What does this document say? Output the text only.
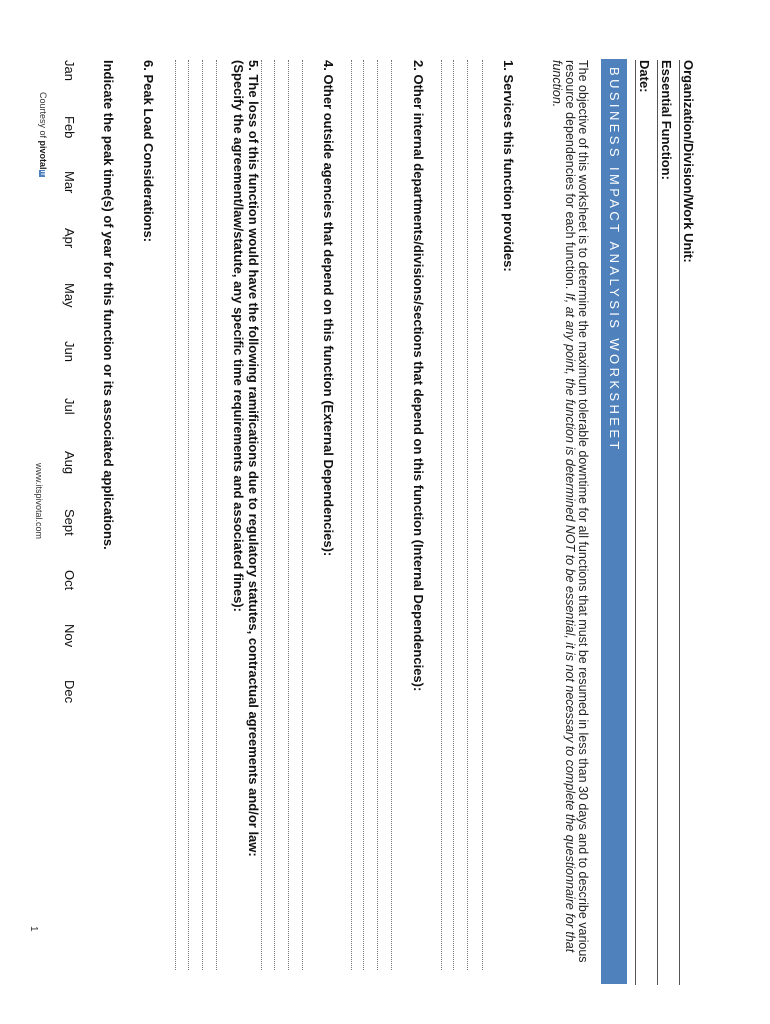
Organization/Division/Work Unit:
Essential Function:
Date:
BUSINESS IMPACT ANALYSIS WORKSHEET
The objective of this worksheet is to determine the maximum tolerable downtime for all functions that must be resumed in less than 30 days and to describe various resource dependencies for each function. If, at any point, the function is determined NOT to be essential, it is not necessary to complete the questionnaire for that function.
1. Services this function provides:
2. Other internal departments/divisions/sections that depend on this function (Internal Dependencies):
4. Other outside agencies that depend on this function (External Dependencies):
5. The loss of this function would have the following ramifications due to regulatory statutes, contractual agreements and/or law:
(Specify the agreement/law/statute, any specific time requirements and associated fines):
6. Peak Load Considerations:
Indicate the peak time(s) of year for this function or its associated applications.
Jan
Feb
Mar
Apr
May
Jun
Jul
Aug
Sept
Oct
Nov
Dec
Courtesy of pivotalIT
www.itspivotal.com
1
